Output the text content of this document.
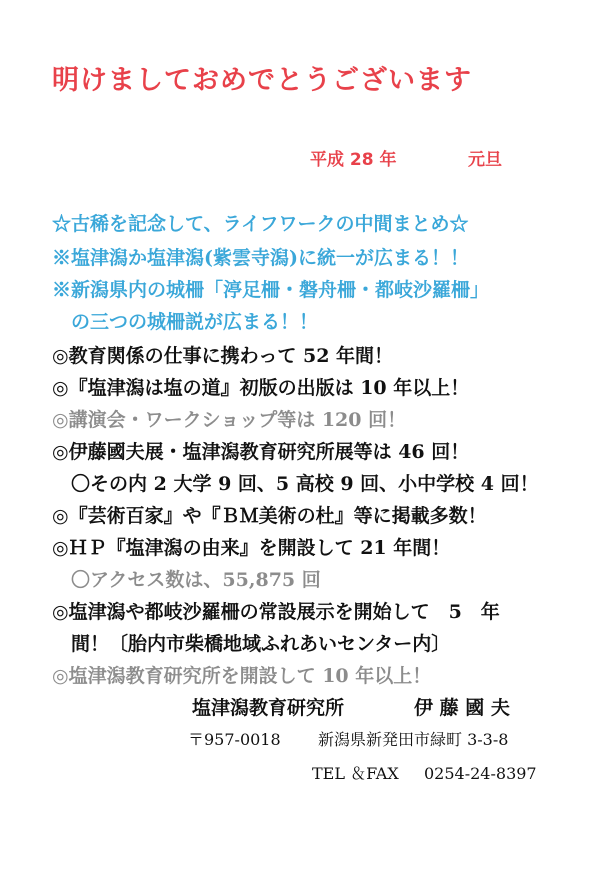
明けましておめでとうございます
平成 28 年	元旦
☆古稀を記念して、ライフワークの中間まとめ☆
※塩津潟か塩津潟(紫雲寺潟)に統一が広まる！！
※新潟県内の城柵「渟足柵・磐舟柵・都岐沙羅柵」
　の三つの城柵説が広まる！！
◎教育関係の仕事に携わって 52 年間！
◎『塩津潟は塩の道』初版の出版は 10 年以上！
◎講演会・ワークショップ等は 120 回！
◎伊藤國夫展・塩津潟教育研究所展等は 46 回！
　〇その内 2 大学 9 回、5 高校 9 回、小中学校 4 回！
◎『芸術百家』や『ＢＭ美術の杜』等に掲載多数！
◎ＨＰ『塩津潟の由来』を開設して 21 年間！
　〇アクセス数は、55,875 回
◎塩津潟や都岐沙羅柵の常設展示を開始して　5　年
　間！〔胎内市柴橋地域ふれあいセンター内〕
◎塩津潟教育研究所を開設して 10 年以上！
塩津潟教育研究所	伊 藤 國 夫
〒957-0018 新潟県新発田市緑町 3-3-8
TEL ＆FAX 0254-24-8397
